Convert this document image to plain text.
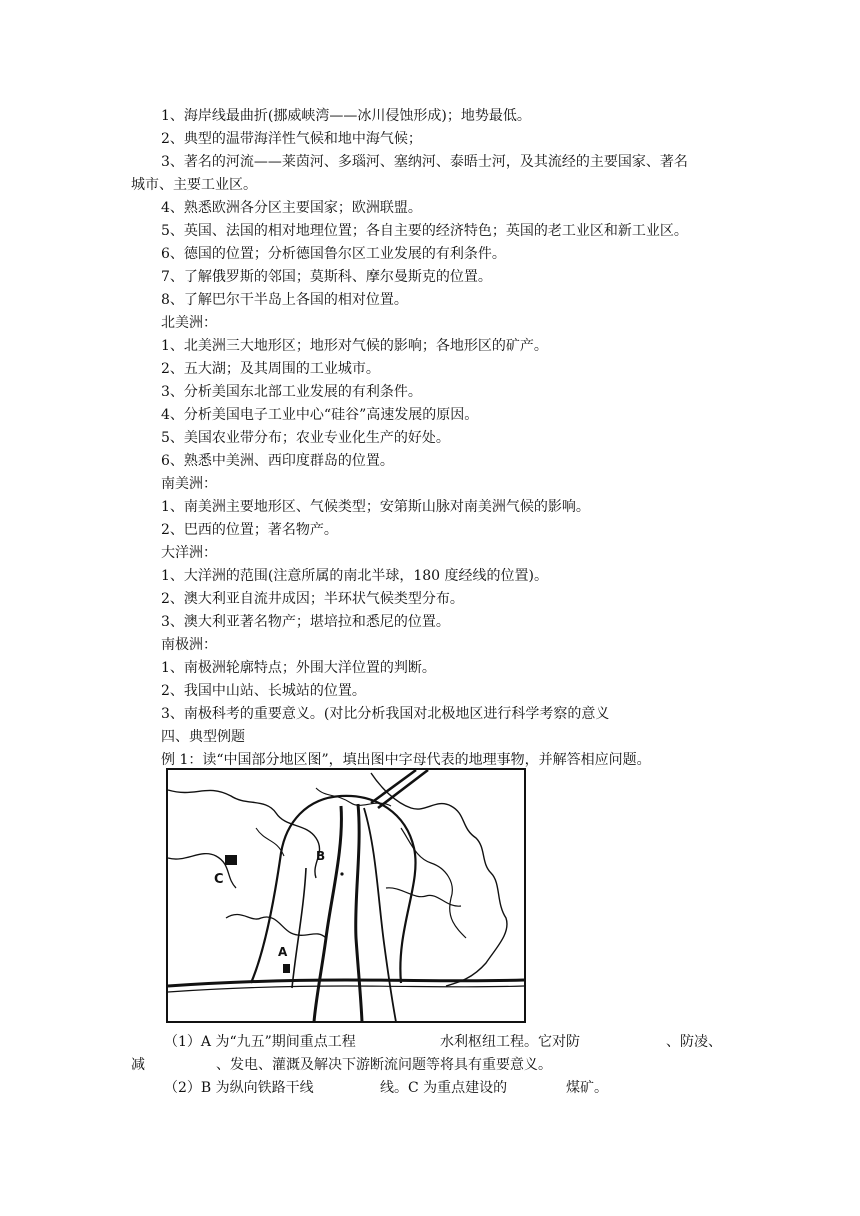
1、海岸线最曲折(挪威峡湾——冰川侵蚀形成)；地势最低。
2、典型的温带海洋性气候和地中海气候；
3、著名的河流——莱茵河、多瑙河、塞纳河、泰晤士河，及其流经的主要国家、著名
城市、主要工业区。
4、熟悉欧洲各分区主要国家；欧洲联盟。
5、英国、法国的相对地理位置；各自主要的经济特色；英国的老工业区和新工业区。
6、德国的位置；分析德国鲁尔区工业发展的有利条件。
7、了解俄罗斯的邻国；莫斯科、摩尔曼斯克的位置。
8、了解巴尔干半岛上各国的相对位置。
北美洲：
1、北美洲三大地形区；地形对气候的影响；各地形区的矿产。
2、五大湖；及其周围的工业城市。
3、分析美国东北部工业发展的有利条件。
4、分析美国电子工业中心“硅谷”高速发展的原因。
5、美国农业带分布；农业专业化生产的好处。
6、熟悉中美洲、西印度群岛的位置。
南美洲：
1、南美洲主要地形区、气候类型；安第斯山脉对南美洲气候的影响。
2、巴西的位置；著名物产。
大洋洲：
1、大洋洲的范围(注意所属的南北半球，180 度经线的位置)。
2、澳大利亚自流井成因；半环状气候类型分布。
3、澳大利亚著名物产；堪培拉和悉尼的位置。
南极洲：
1、南极洲轮廓特点；外围大洋位置的判断。
2、我国中山站、长城站的位置。
3、南极科考的重要意义。(对比分析我国对北极地区进行科学考察的意义
四、典型例题
例 1：读“中国部分地区图”，填出图中字母代表的地理事物，并解答相应问题。
C
B
A
（1）A 为“九五”期间重点工程	水利枢纽工程。它对防	、防凌、
减	、发电、灌溉及解决下游断流问题等将具有重要意义。
（2）B 为纵向铁路干线	线。C 为重点建设的	煤矿。
